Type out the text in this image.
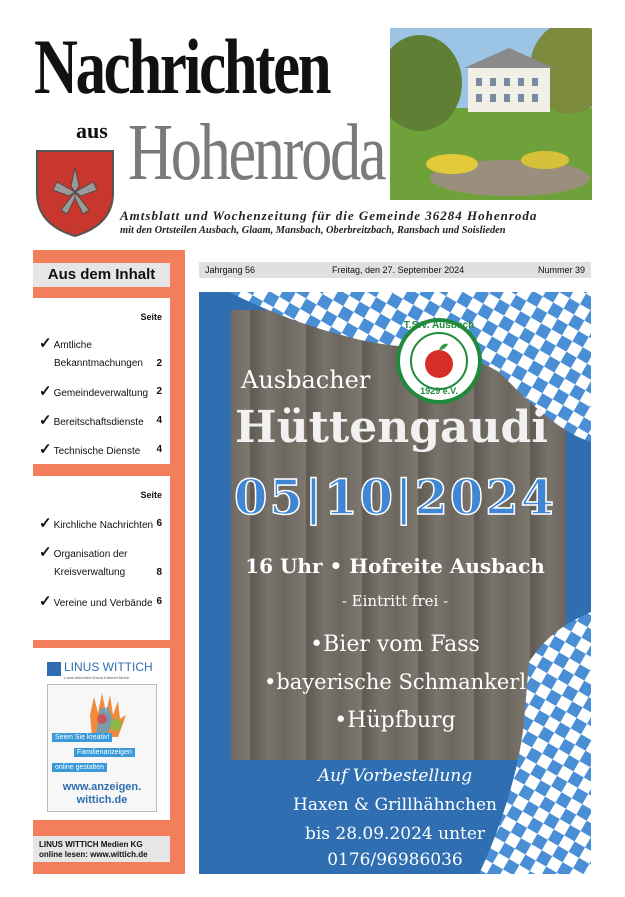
Nachrichten
aus Hohenroda
Amtsblatt und Wochenzeitung für die Gemeinde 36284 Hohenroda
mit den Ortsteilen Ausbach, Glaam, Mansbach, Oberbreitzbach, Ransbach und Soislieden
Aus dem Inhalt
Seite
✓ Amtliche
Bekanntmachungen 2
✓ Gemeindeverwaltung 2
✓ Bereitschaftsdienste 4
✓ Technische Dienste 4
Seite
✓ Kirchliche Nachrichten 6
✓ Organisation der
Kreisverwaltung	8
✓ Vereine und Verbände 6
LINUS WITTICH
Lokal.Informiert.Druck.Internet.Mobil.
Seien Sie kreativ!
Familienanzeigen
online gestalten
www.anzeigen.
wittich.de
LINUS WITTICH Medien KG
online lesen: www.wittich.de
Jahrgang 56	Freitag, den 27. September 2024	Nummer 39
T.S.V. Ausbach
1929 e.V.
Ausbacher
Hüttengaudi
05|10|2024
16 Uhr • Hofreite Ausbach
- Eintritt frei -
•Bier vom Fass
•bayerische Schmankerl
•Hüpfburg
Auf Vorbestellung
Haxen & Grillhähnchen
bis 28.09.2024 unter
0176/96986036
